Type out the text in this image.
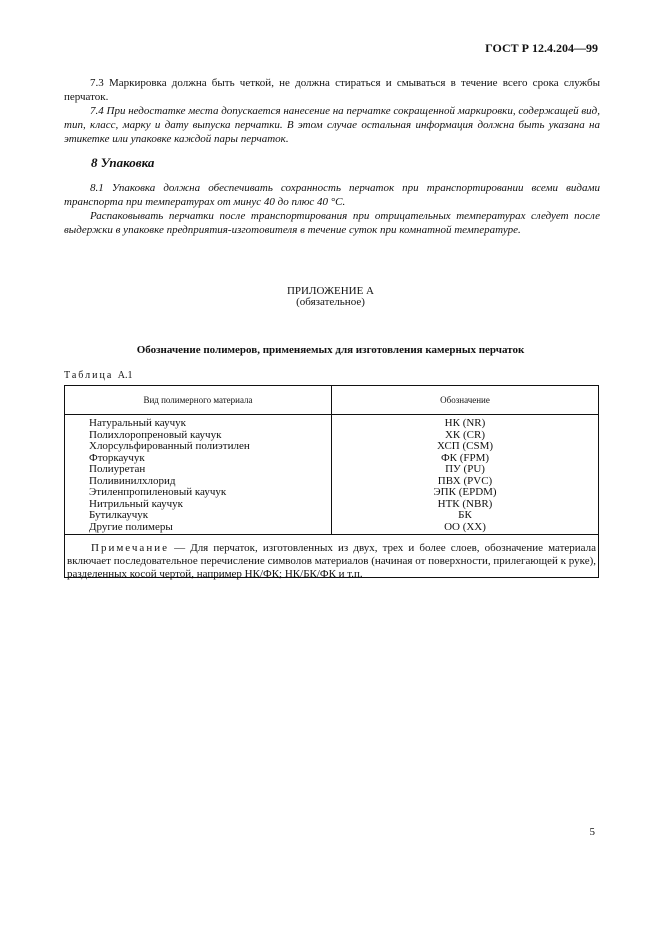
ГОСТ Р 12.4.204—99

7.3 Маркировка должна быть четкой, не должна стираться и смываться в течение всего срока службы перчаток.

7.4 При недостатке места допускается нанесение на перчатке сокращенной маркировки, содержащей вид, тип, класс, марку и дату выпуска перчатки. В этом случае остальная информация должна быть указана на этикетке или упаковке каждой пары перчаток.

8 Упаковка

8.1 Упаковка должна обеспечивать сохранность перчаток при транспортировании всеми видами транспорта при температурах от минус 40 до плюс 40 °С.

Распаковывать перчатки после транспортирования при отрицательных температурах следует после выдержки в упаковке предприятия-изготовителя в течение суток при комнатной температуре.

ПРИЛОЖЕНИЕ А
(обязательное)
Обозначение полимеров, применяемых для изготовления камерных перчаток
Таблица А.1
Вид полимерного материала	Обозначение
Натуральный каучук
Полихлоропреновый каучук
Хлорсульфированный полиэтилен
Фторкаучук
Полиуретан
Поливинилхлорид
Этиленпропиленовый каучук
Нитрильный каучук
Бутилкаучук
Другие полимеры
НК (NR)
ХК (CR)
ХСП (CSM)
ФК (FPM)
ПУ (PU)
ПВХ (PVC)
ЭПК (EPDM)
НТК (NBR)
БК
ОО (ХХ)
Примечание — Для перчаток, изготовленных из двух, трех и более слоев, обозначение материала включает последовательное перечисление символов материалов (начиная от поверхности, прилегающей к руке), разделенных косой чертой, например НК/ФК; НК/БК/ФК и т.п.
5
